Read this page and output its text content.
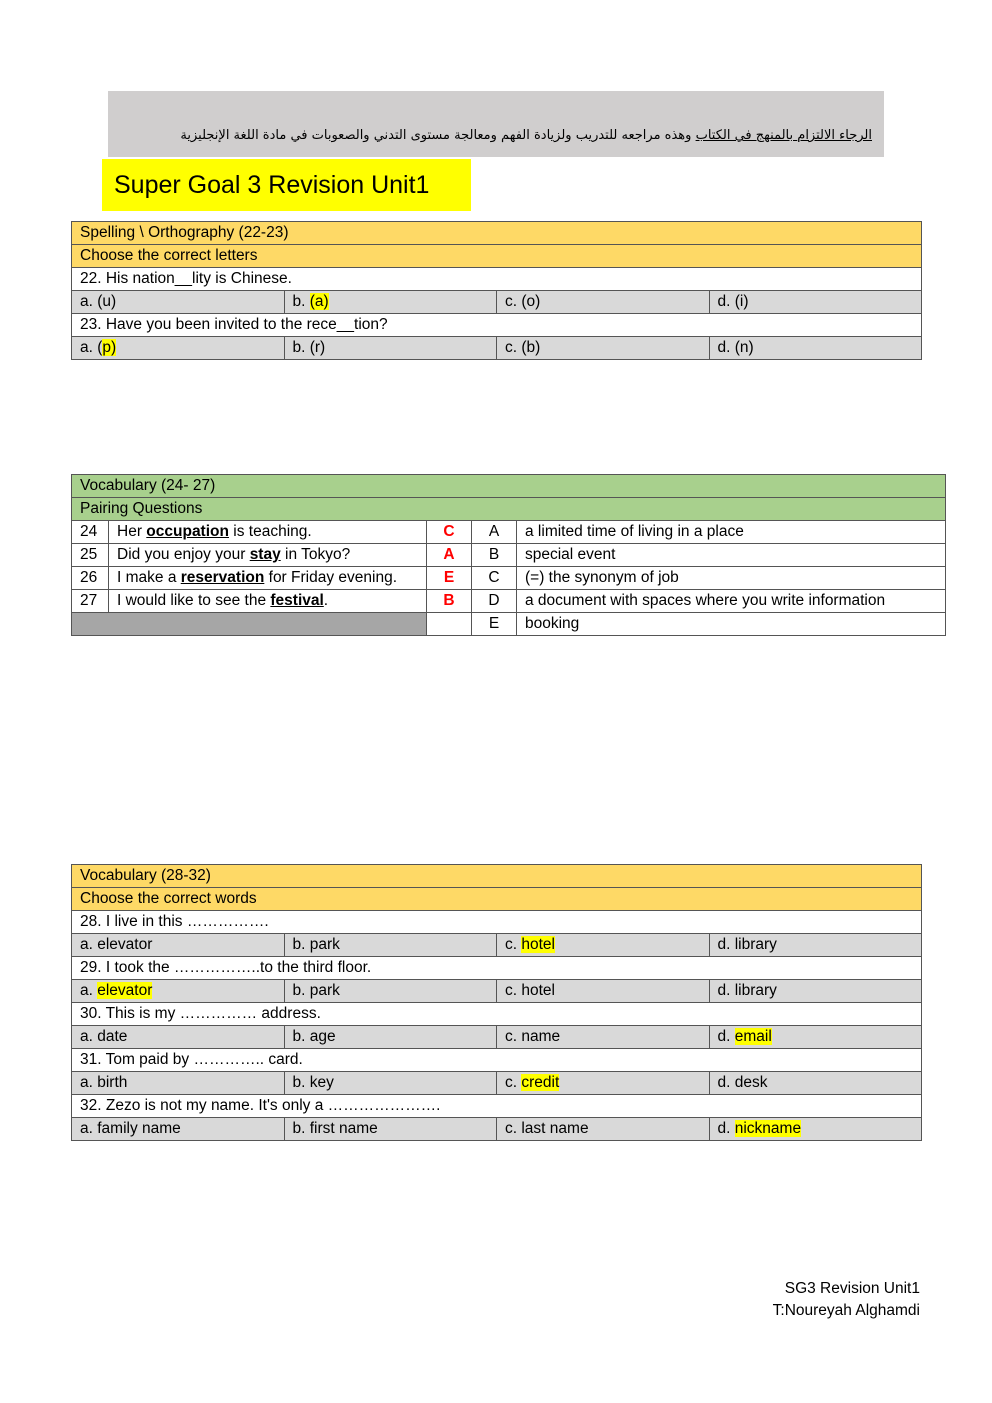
الرجاء الالتزام بالمنهج في الكتاب وهذه مراجعه للتدريب ولزيادة الفهم ومعالجة مستوى التدني والصعوبات في مادة اللغة الإنجليزية
Super Goal 3 Revision Unit1
Spelling \ Orthography (22-23)			
Choose the correct letters			
22. His nation__lity is Chinese.			
a. (u)	b. (a)	c. (o)	d. (i)
23. Have you been invited to the rece__tion?			
a. (p)	b. (r)	c. (b)	d. (n)
Vocabulary (24- 27)				
Pairing Questions				
24	Her occupation is teaching.	C	A	a limited time of living in a place
25	Did you enjoy your stay in Tokyo?	A	B	special event
26	I make a reservation for Friday evening.	E	C	(=) the synonym of job
27	I would like to see the festival.	B	D	a document with spaces where you write information
			E	booking
Vocabulary (28-32)			
Choose the correct words			
28. I live in this …………….			
a. elevator	b. park	c. hotel	d. library
29. I took the ……………..to the third floor.			
a. elevator	b. park	c. hotel	d. library
30. This is my …………… address.			
a. date	b. age	c. name	d. email
31. Tom paid by ………….. card.			
a. birth	b. key	c. credit	d. desk
32. Zezo is not my name. It's only a ………………….			
a. family name	b. first name	c. last name	d. nickname
SG3 Revision Unit1
T:Noureyah Alghamdi
